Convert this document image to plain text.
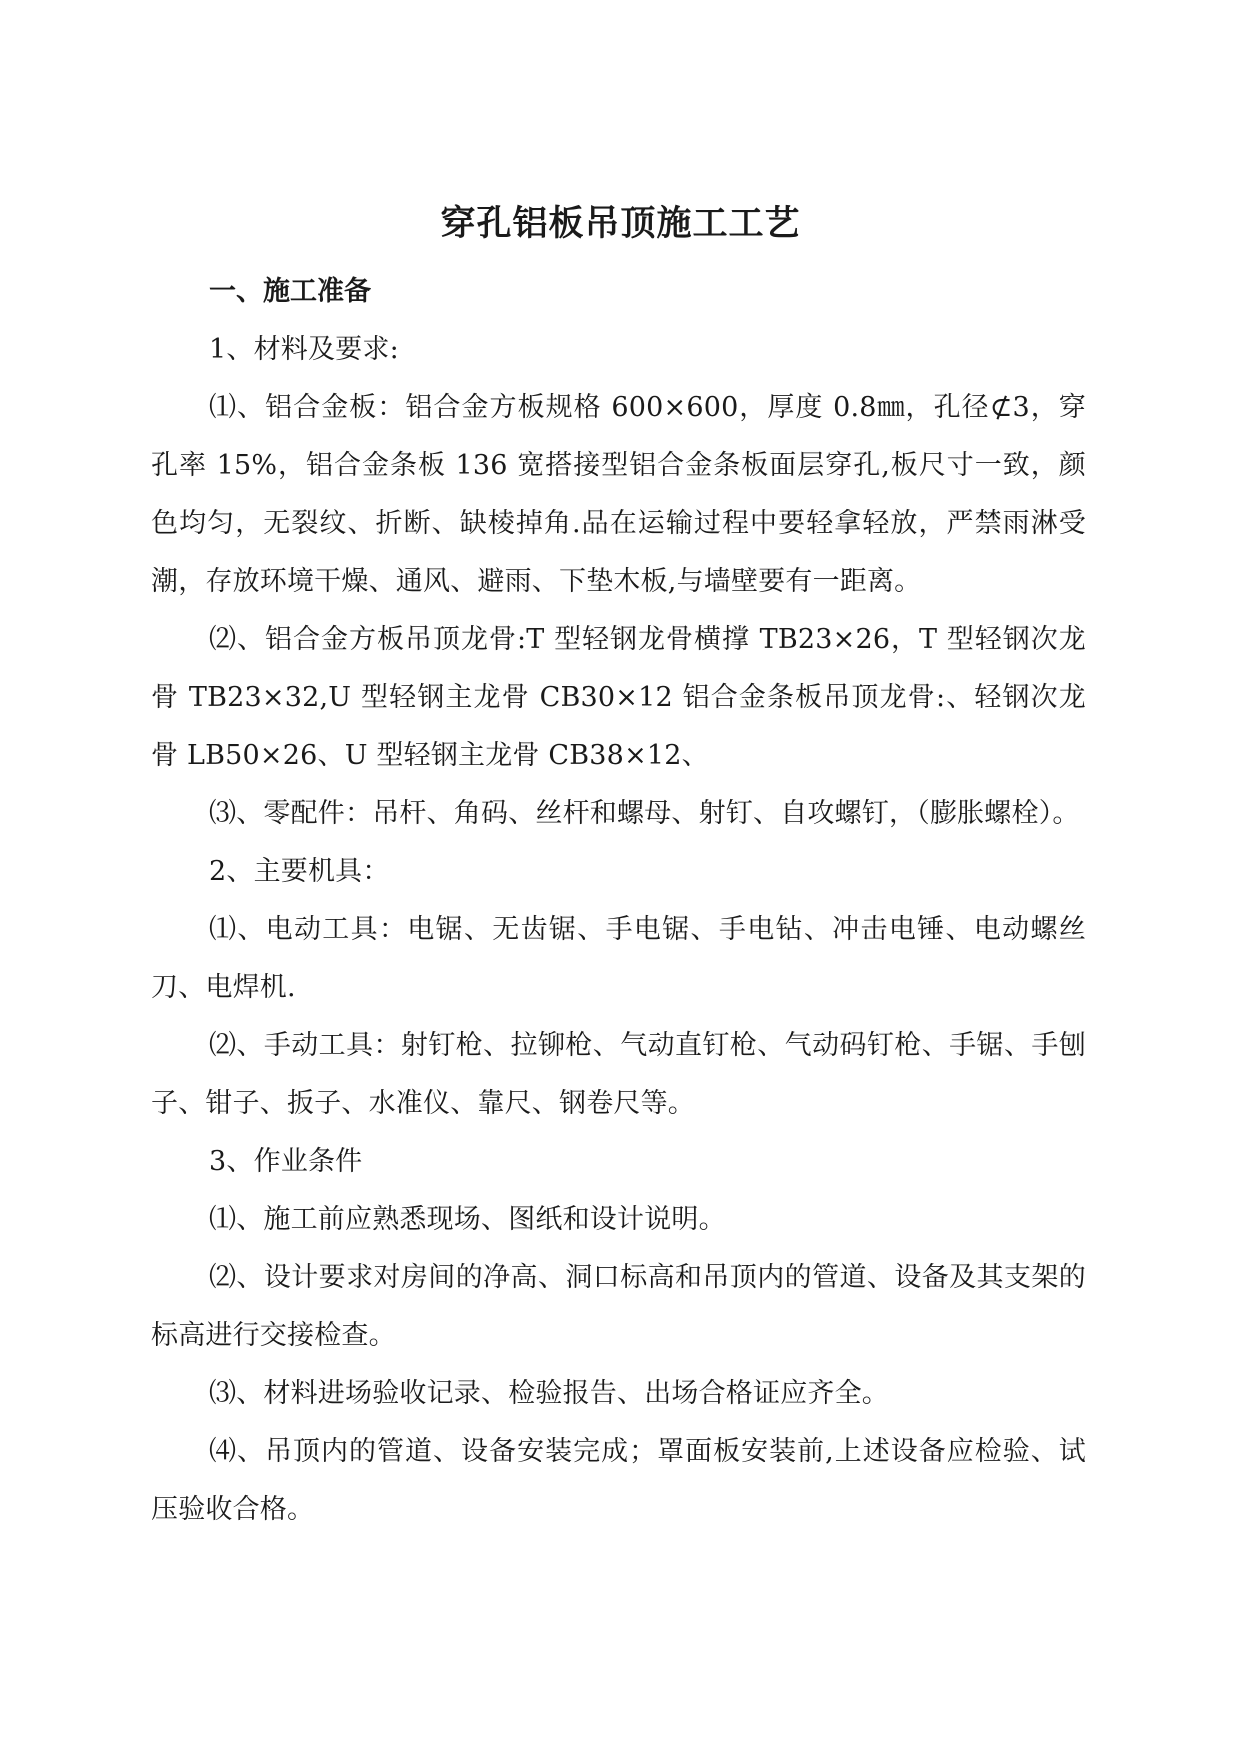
穿孔铝板吊顶施工工艺
一、施工准备

1、材料及要求:

⑴、铝合金板：铝合金方板规格 600×600，厚度 0.8㎜，孔径⊄3，穿孔率 15%，铝合金条板 136 宽搭接型铝合金条板面层穿孔,板尺寸一致，颜色均匀，无裂纹、折断、缺棱掉角.品在运输过程中要轻拿轻放，严禁雨淋受潮，存放环境干燥、通风、避雨、下垫木板,与墙壁要有一距离。

⑵、铝合金方板吊顶龙骨:T 型轻钢龙骨横撑 TB23×26，T 型轻钢次龙骨 TB23×32,U 型轻钢主龙骨 CB30×12 铝合金条板吊顶龙骨:、轻钢次龙骨 LB50×26、U 型轻钢主龙骨 CB38×12、

⑶、零配件：吊杆、角码、丝杆和螺母、射钉、自攻螺钉，（膨胀螺栓）。

2、主要机具：

⑴、电动工具：电锯、无齿锯、手电锯、手电钻、冲击电锤、电动螺丝刀、电焊机.

⑵、手动工具：射钉枪、拉铆枪、气动直钉枪、气动码钉枪、手锯、手刨子、钳子、扳子、水准仪、靠尺、钢卷尺等。

3、作业条件

⑴、施工前应熟悉现场、图纸和设计说明。

⑵、设计要求对房间的净高、洞口标高和吊顶内的管道、设备及其支架的标高进行交接检查。

⑶、材料进场验收记录、检验报告、出场合格证应齐全。

⑷、吊顶内的管道、设备安装完成；罩面板安装前,上述设备应检验、试压验收合格。
